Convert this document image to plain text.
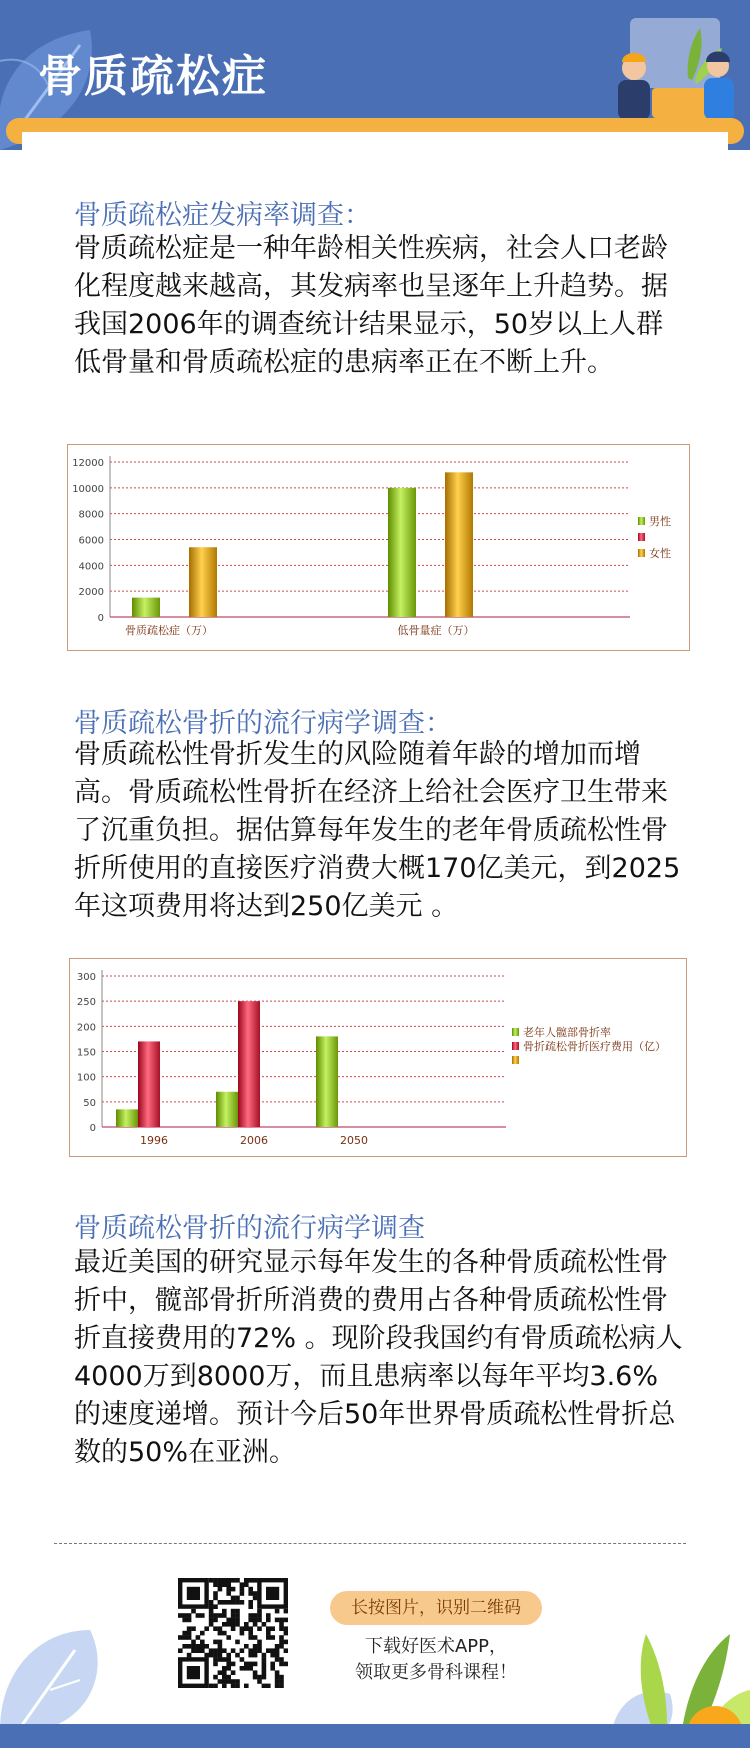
骨质疏松症
骨质疏松症发病率调查：
骨质疏松症是一种年龄相关性疾病，社会人口老龄化程度越来越高，其发病率也呈逐年上升趋势。据我国2006年的调查统计结果显示，50岁以上人群低骨量和骨质疏松症的患病率正在不断上升。
0
2000
4000
6000
8000
10000
12000
骨质疏松症（万）	低骨量症（万）
男性
女性
骨质疏松骨折的流行病学调查：
骨质疏松性骨折发生的风险随着年龄的增加而增高。骨质疏松性骨折在经济上给社会医疗卫生带来了沉重负担。据估算每年发生的老年骨质疏松性骨折所使用的直接医疗消费大概170亿美元，到2025年这项费用将达到250亿美元 。
0
50
100
150
200
250
300
1996	2006	2050
老年人髋部骨折率
骨折疏松骨折医疗费用（亿）
骨质疏松骨折的流行病学调查
最近美国的研究显示每年发生的各种骨质疏松性骨折中，髋部骨折所消费的费用占各种骨质疏松性骨折直接费用的72% 。现阶段我国约有骨质疏松病人4000万到8000万，而且患病率以每年平均3.6%的速度递增。预计今后50年世界骨质疏松性骨折总数的50%在亚洲。
长按图片，识别二维码
下载好医术APP，
领取更多骨科课程！
